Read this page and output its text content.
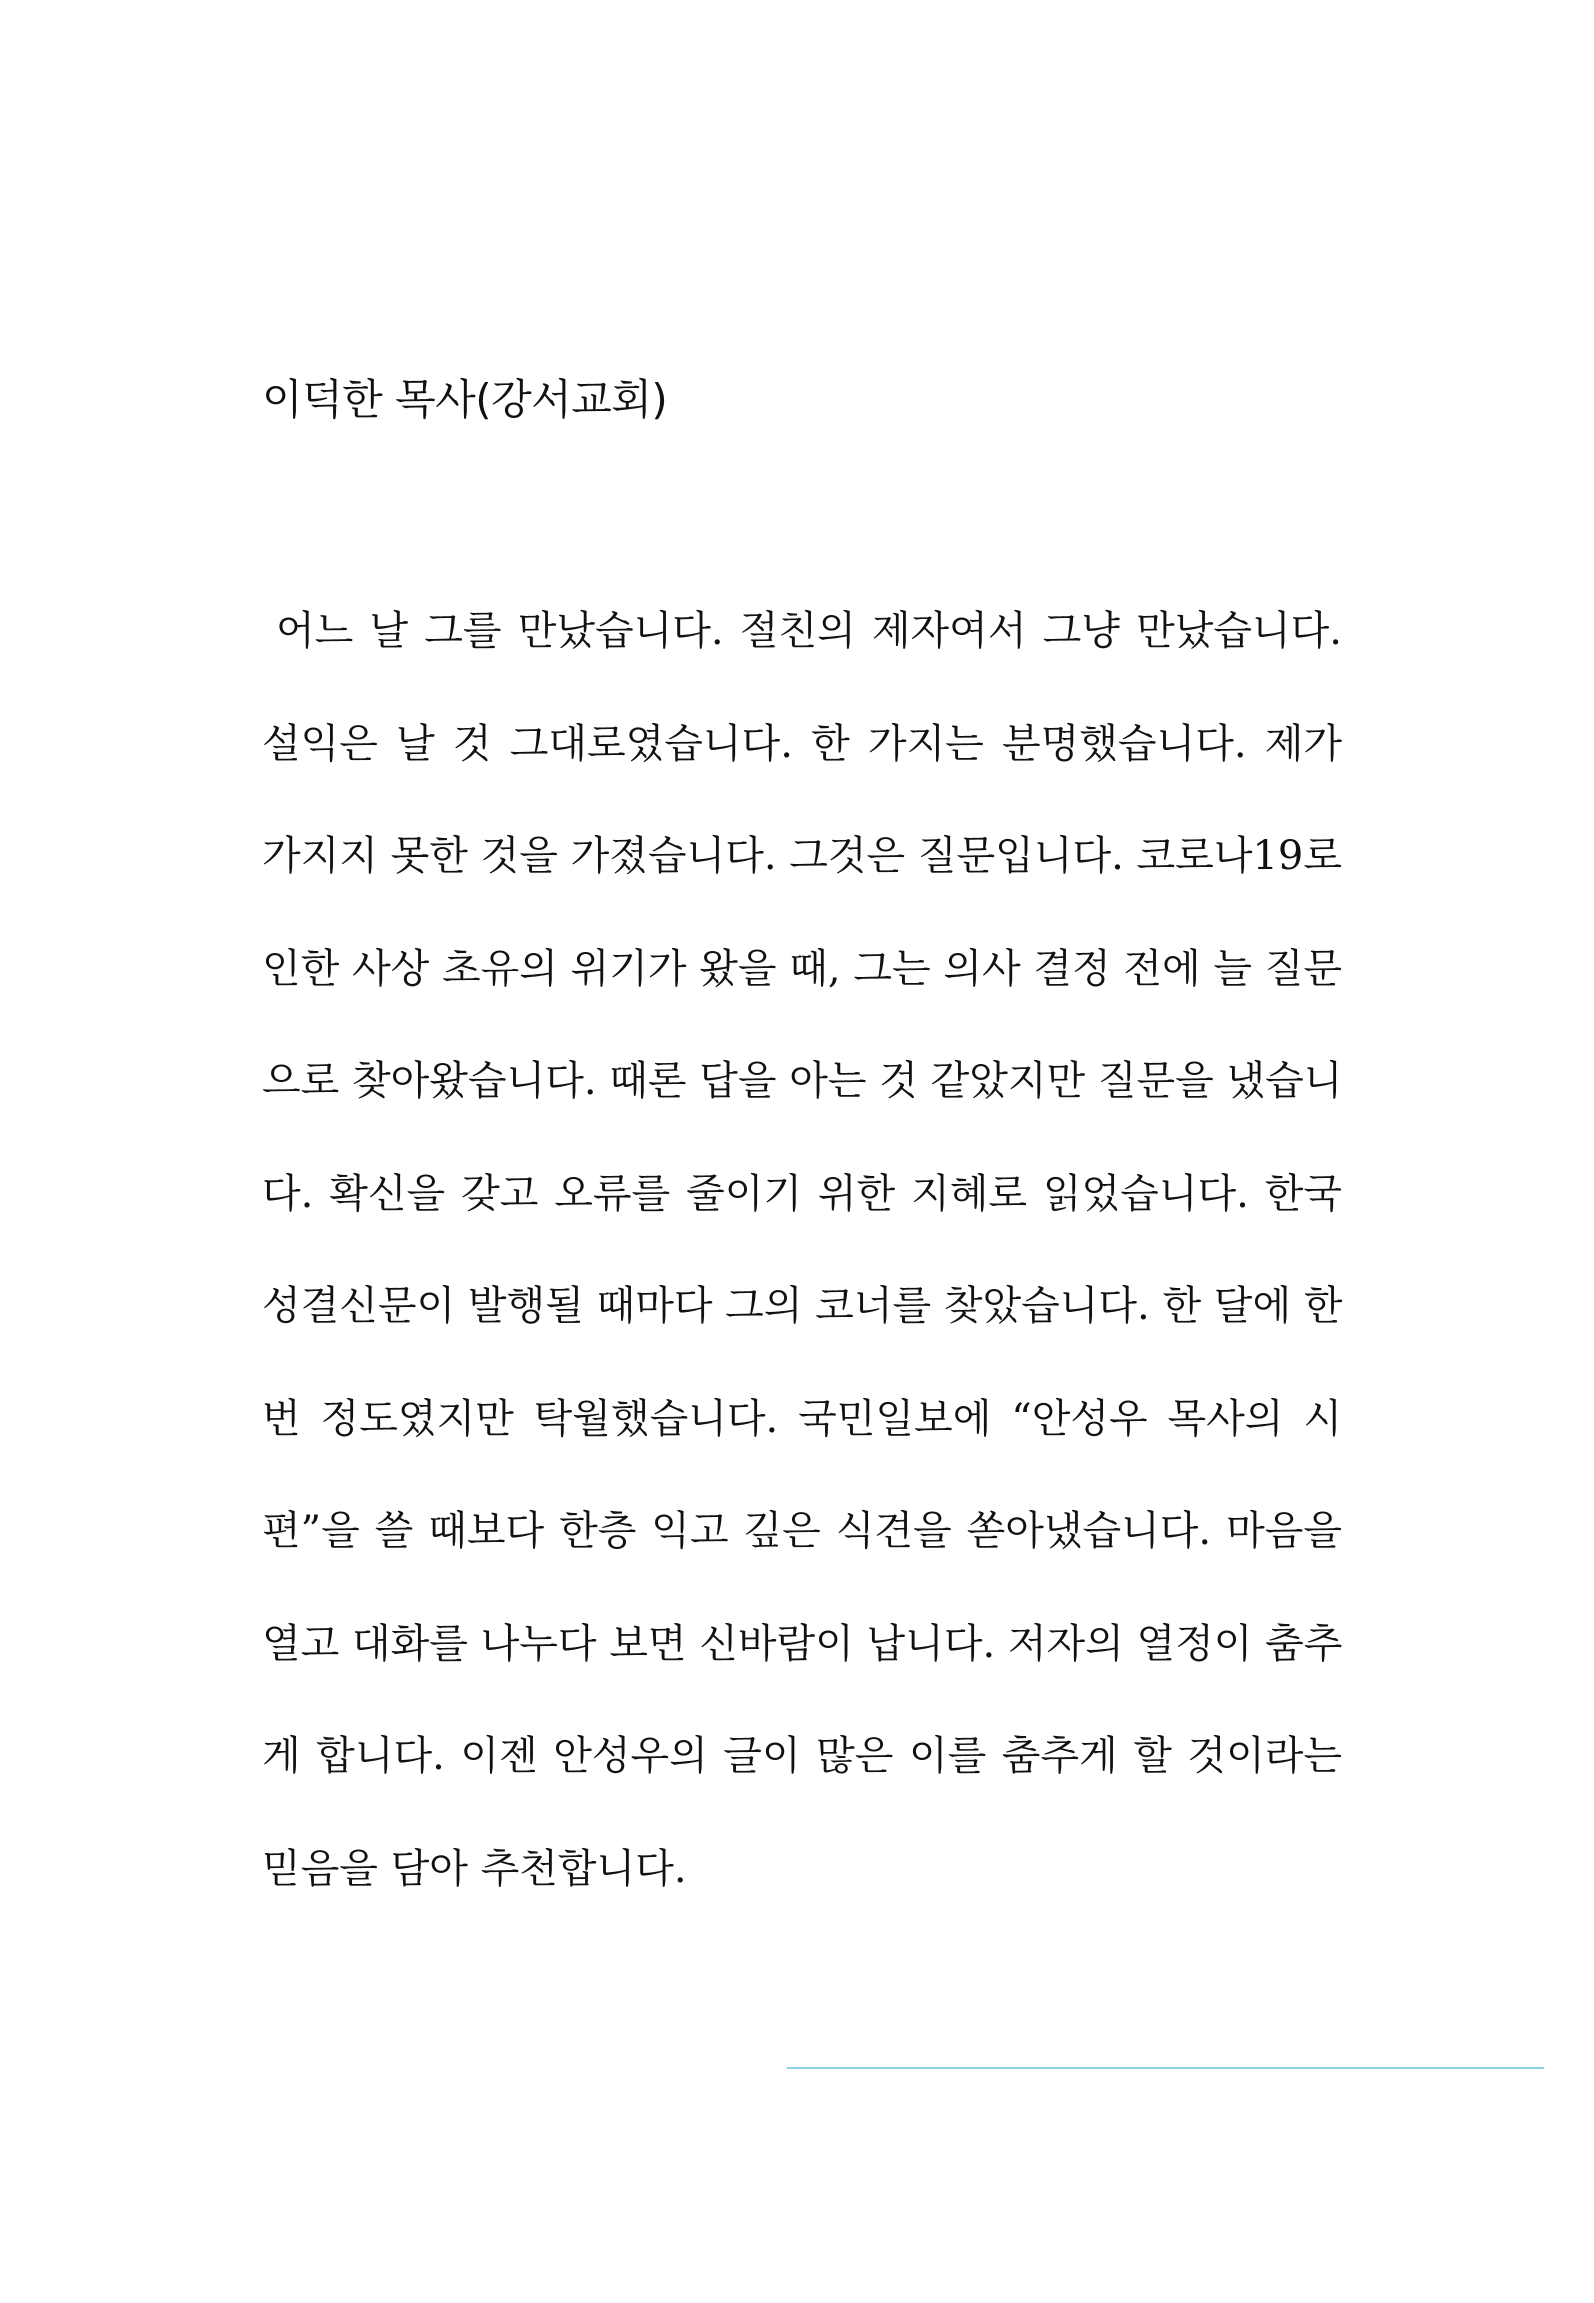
이덕한 목사(강서교회)
어느 날 그를 만났습니다. 절친의 제자여서 그냥 만났습니다.
설익은 날 것 그대로였습니다. 한 가지는 분명했습니다. 제가
가지지 못한 것을 가졌습니다. 그것은 질문입니다. 코로나19로
인한 사상 초유의 위기가 왔을 때, 그는 의사 결정 전에 늘 질문
으로 찾아왔습니다. 때론 답을 아는 것 같았지만 질문을 냈습니
다. 확신을 갖고 오류를 줄이기 위한 지혜로 읽었습니다. 한국
성결신문이 발행될 때마다 그의 코너를 찾았습니다. 한 달에 한
번 정도였지만 탁월했습니다. 국민일보에 “안성우 목사의 시
편”을 쓸 때보다 한층 익고 깊은 식견을 쏟아냈습니다. 마음을
열고 대화를 나누다 보면 신바람이 납니다. 저자의 열정이 춤추
게 합니다. 이젠 안성우의 글이 많은 이를 춤추게 할 것이라는
믿음을 담아 추천합니다.
